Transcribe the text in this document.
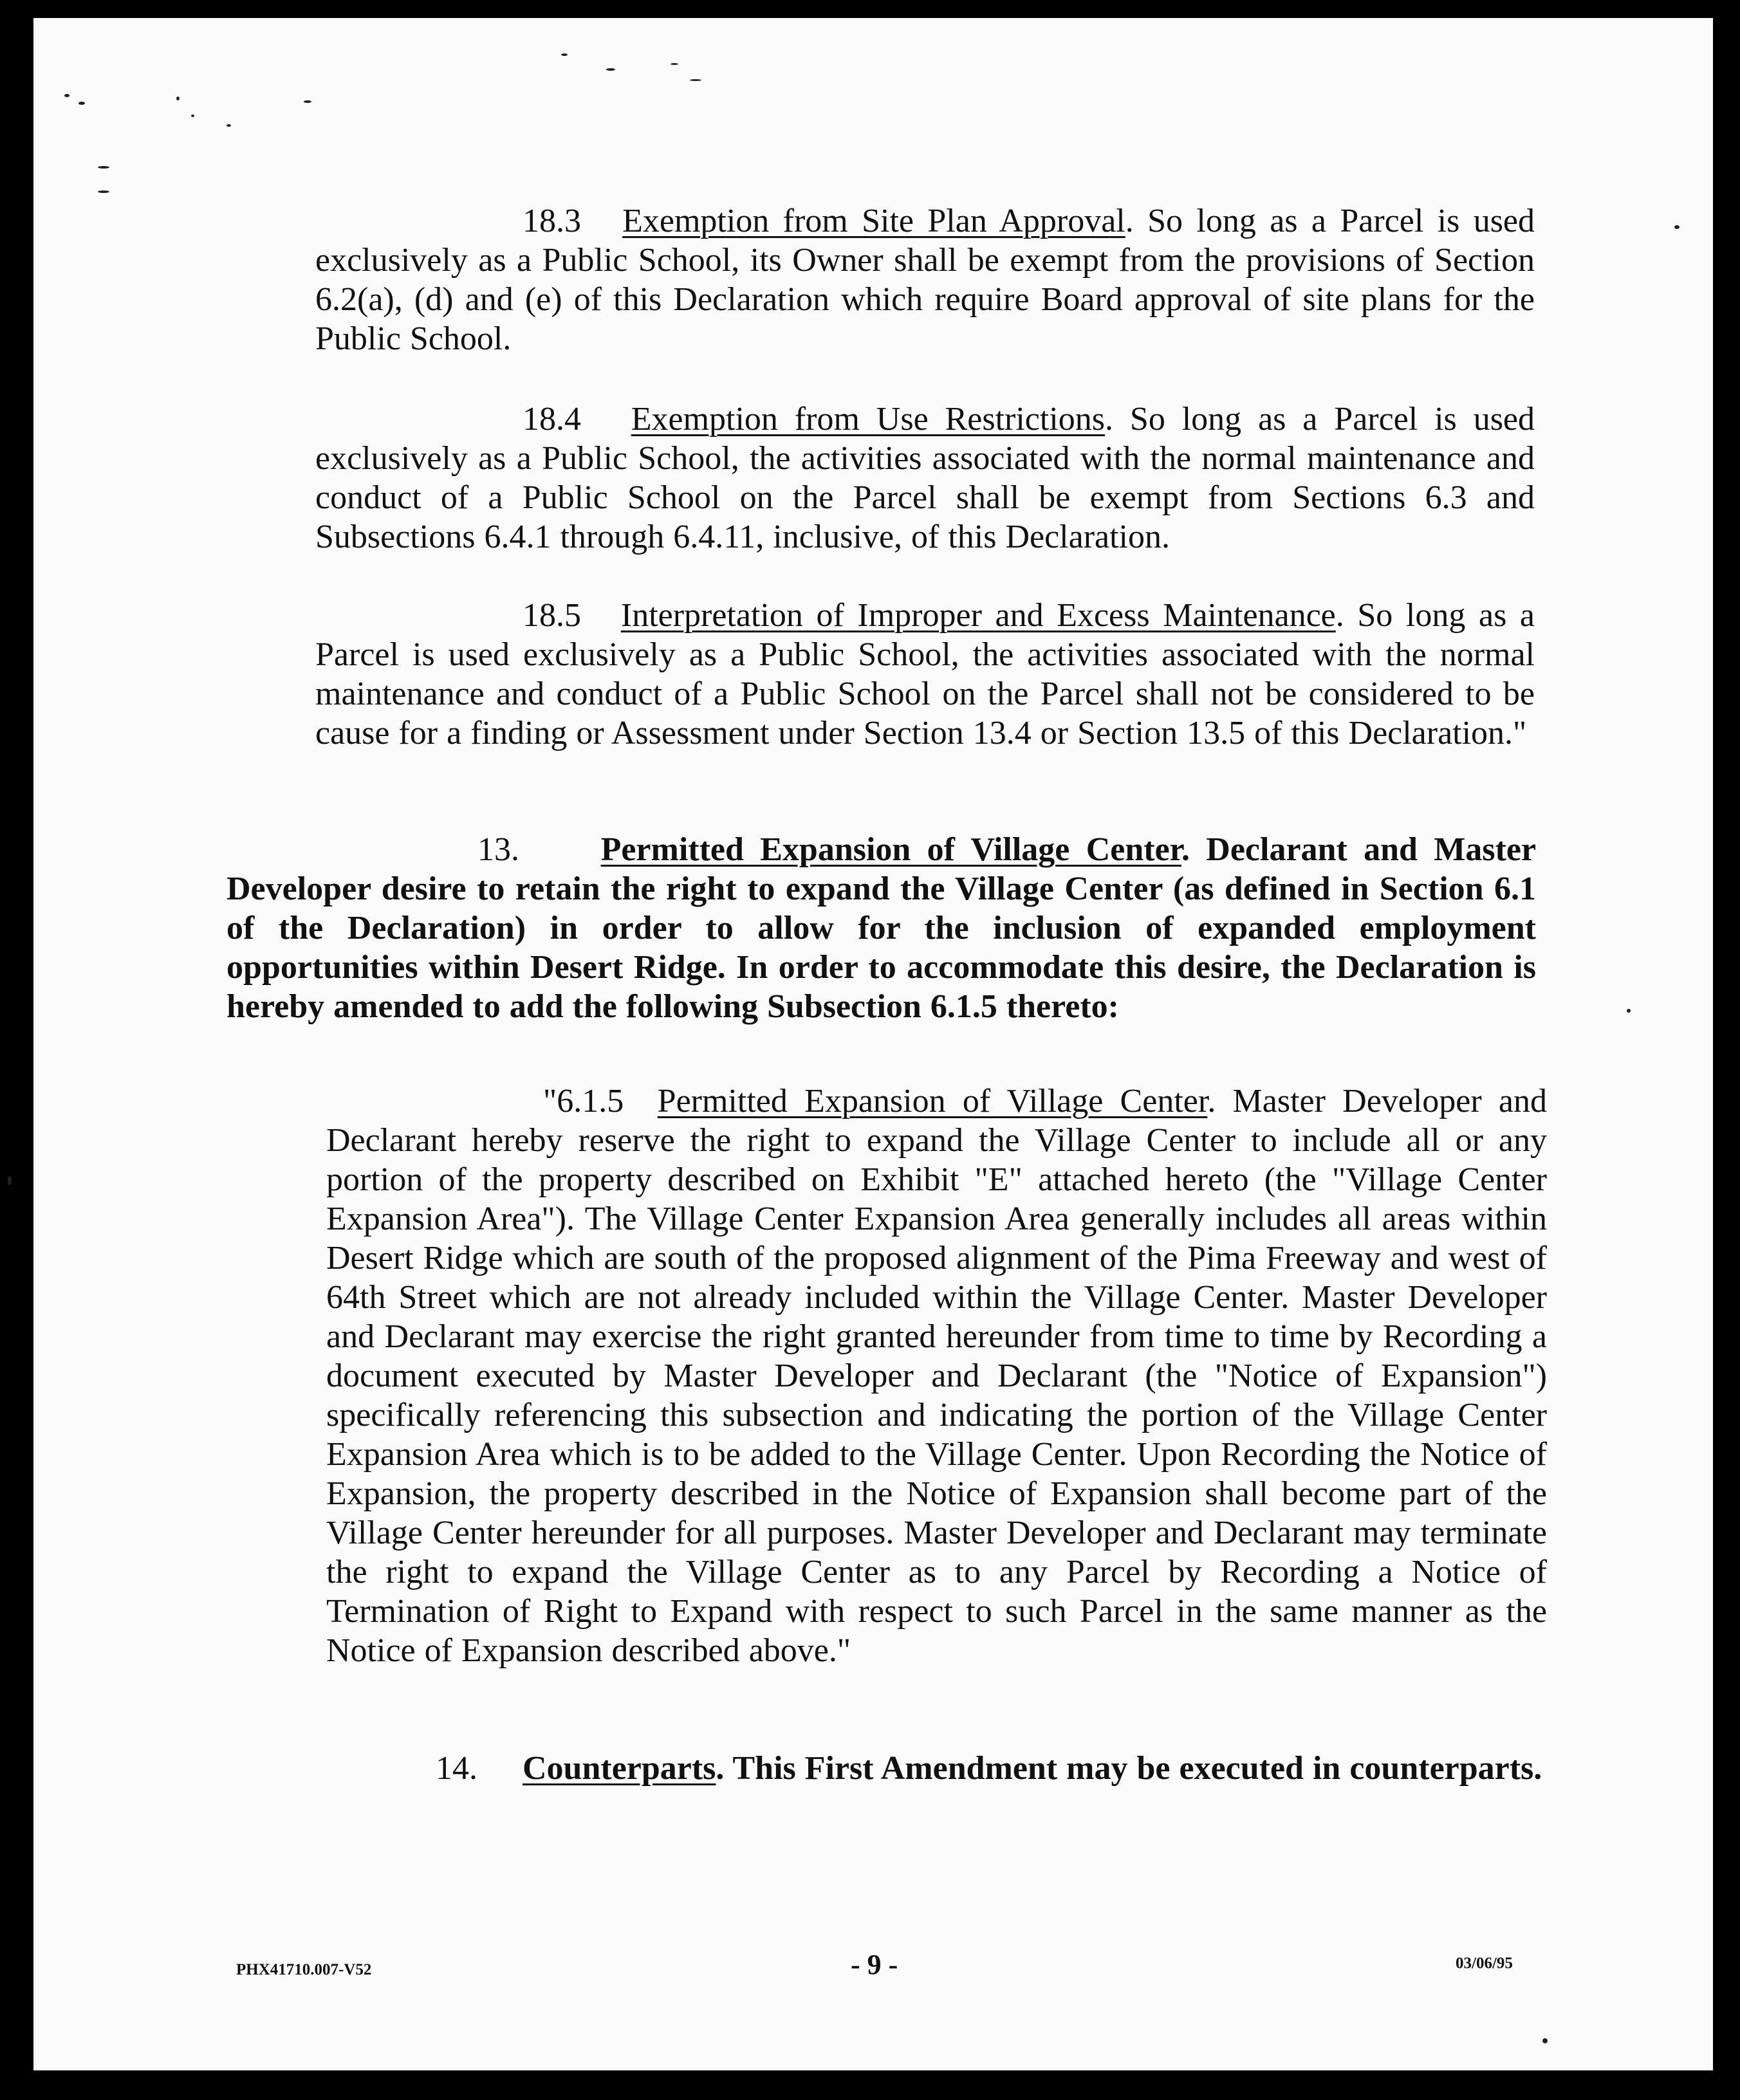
18.3 Exemption from Site Plan Approval. So long as a Parcel is used exclusively as a Public School, its Owner shall be exempt from the provisions of Section 6.2(a), (d) and (e) of this Declaration which require Board approval of site plans for the Public School.

18.4 Exemption from Use Restrictions. So long as a Parcel is used exclusively as a Public School, the activities associated with the normal maintenance and conduct of a Public School on the Parcel shall be exempt from Sections 6.3 and Subsections 6.4.1 through 6.4.11, inclusive, of this Declaration.

18.5 Interpretation of Improper and Excess Maintenance. So long as a Parcel is used exclusively as a Public School, the activities associated with the normal maintenance and conduct of a Public School on the Parcel shall not be considered to be cause for a finding or Assessment under Section 13.4 or Section 13.5 of this Declaration."

13. Permitted Expansion of Village Center. Declarant and Master Developer desire to retain the right to expand the Village Center (as defined in Section 6.1 of the Declaration) in order to allow for the inclusion of expanded employment opportunities within Desert Ridge. In order to accommodate this desire, the Declaration is hereby amended to add the following Subsection 6.1.5 thereto:

"6.1.5 Permitted Expansion of Village Center. Master Developer and Declarant hereby reserve the right to expand the Village Center to include all or any portion of the property described on Exhibit "E" attached hereto (the "Village Center Expansion Area"). The Village Center Expansion Area generally includes all areas within Desert Ridge which are south of the proposed alignment of the Pima Freeway and west of 64th Street which are not already included within the Village Center. Master Developer and Declarant may exercise the right granted hereunder from time to time by Recording a document executed by Master Developer and Declarant (the "Notice of Expansion") specifically referencing this subsection and indicating the portion of the Village Center Expansion Area which is to be added to the Village Center. Upon Recording the Notice of Expansion, the property described in the Notice of Expansion shall become part of the Village Center hereunder for all purposes. Master Developer and Declarant may terminate the right to expand the Village Center as to any Parcel by Recording a Notice of Termination of Right to Expand with respect to such Parcel in the same manner as the Notice of Expansion described above."

14. Counterparts. This First Amendment may be executed in counterparts.

PHX41710.007-V52	- 9 -	03/06/95
